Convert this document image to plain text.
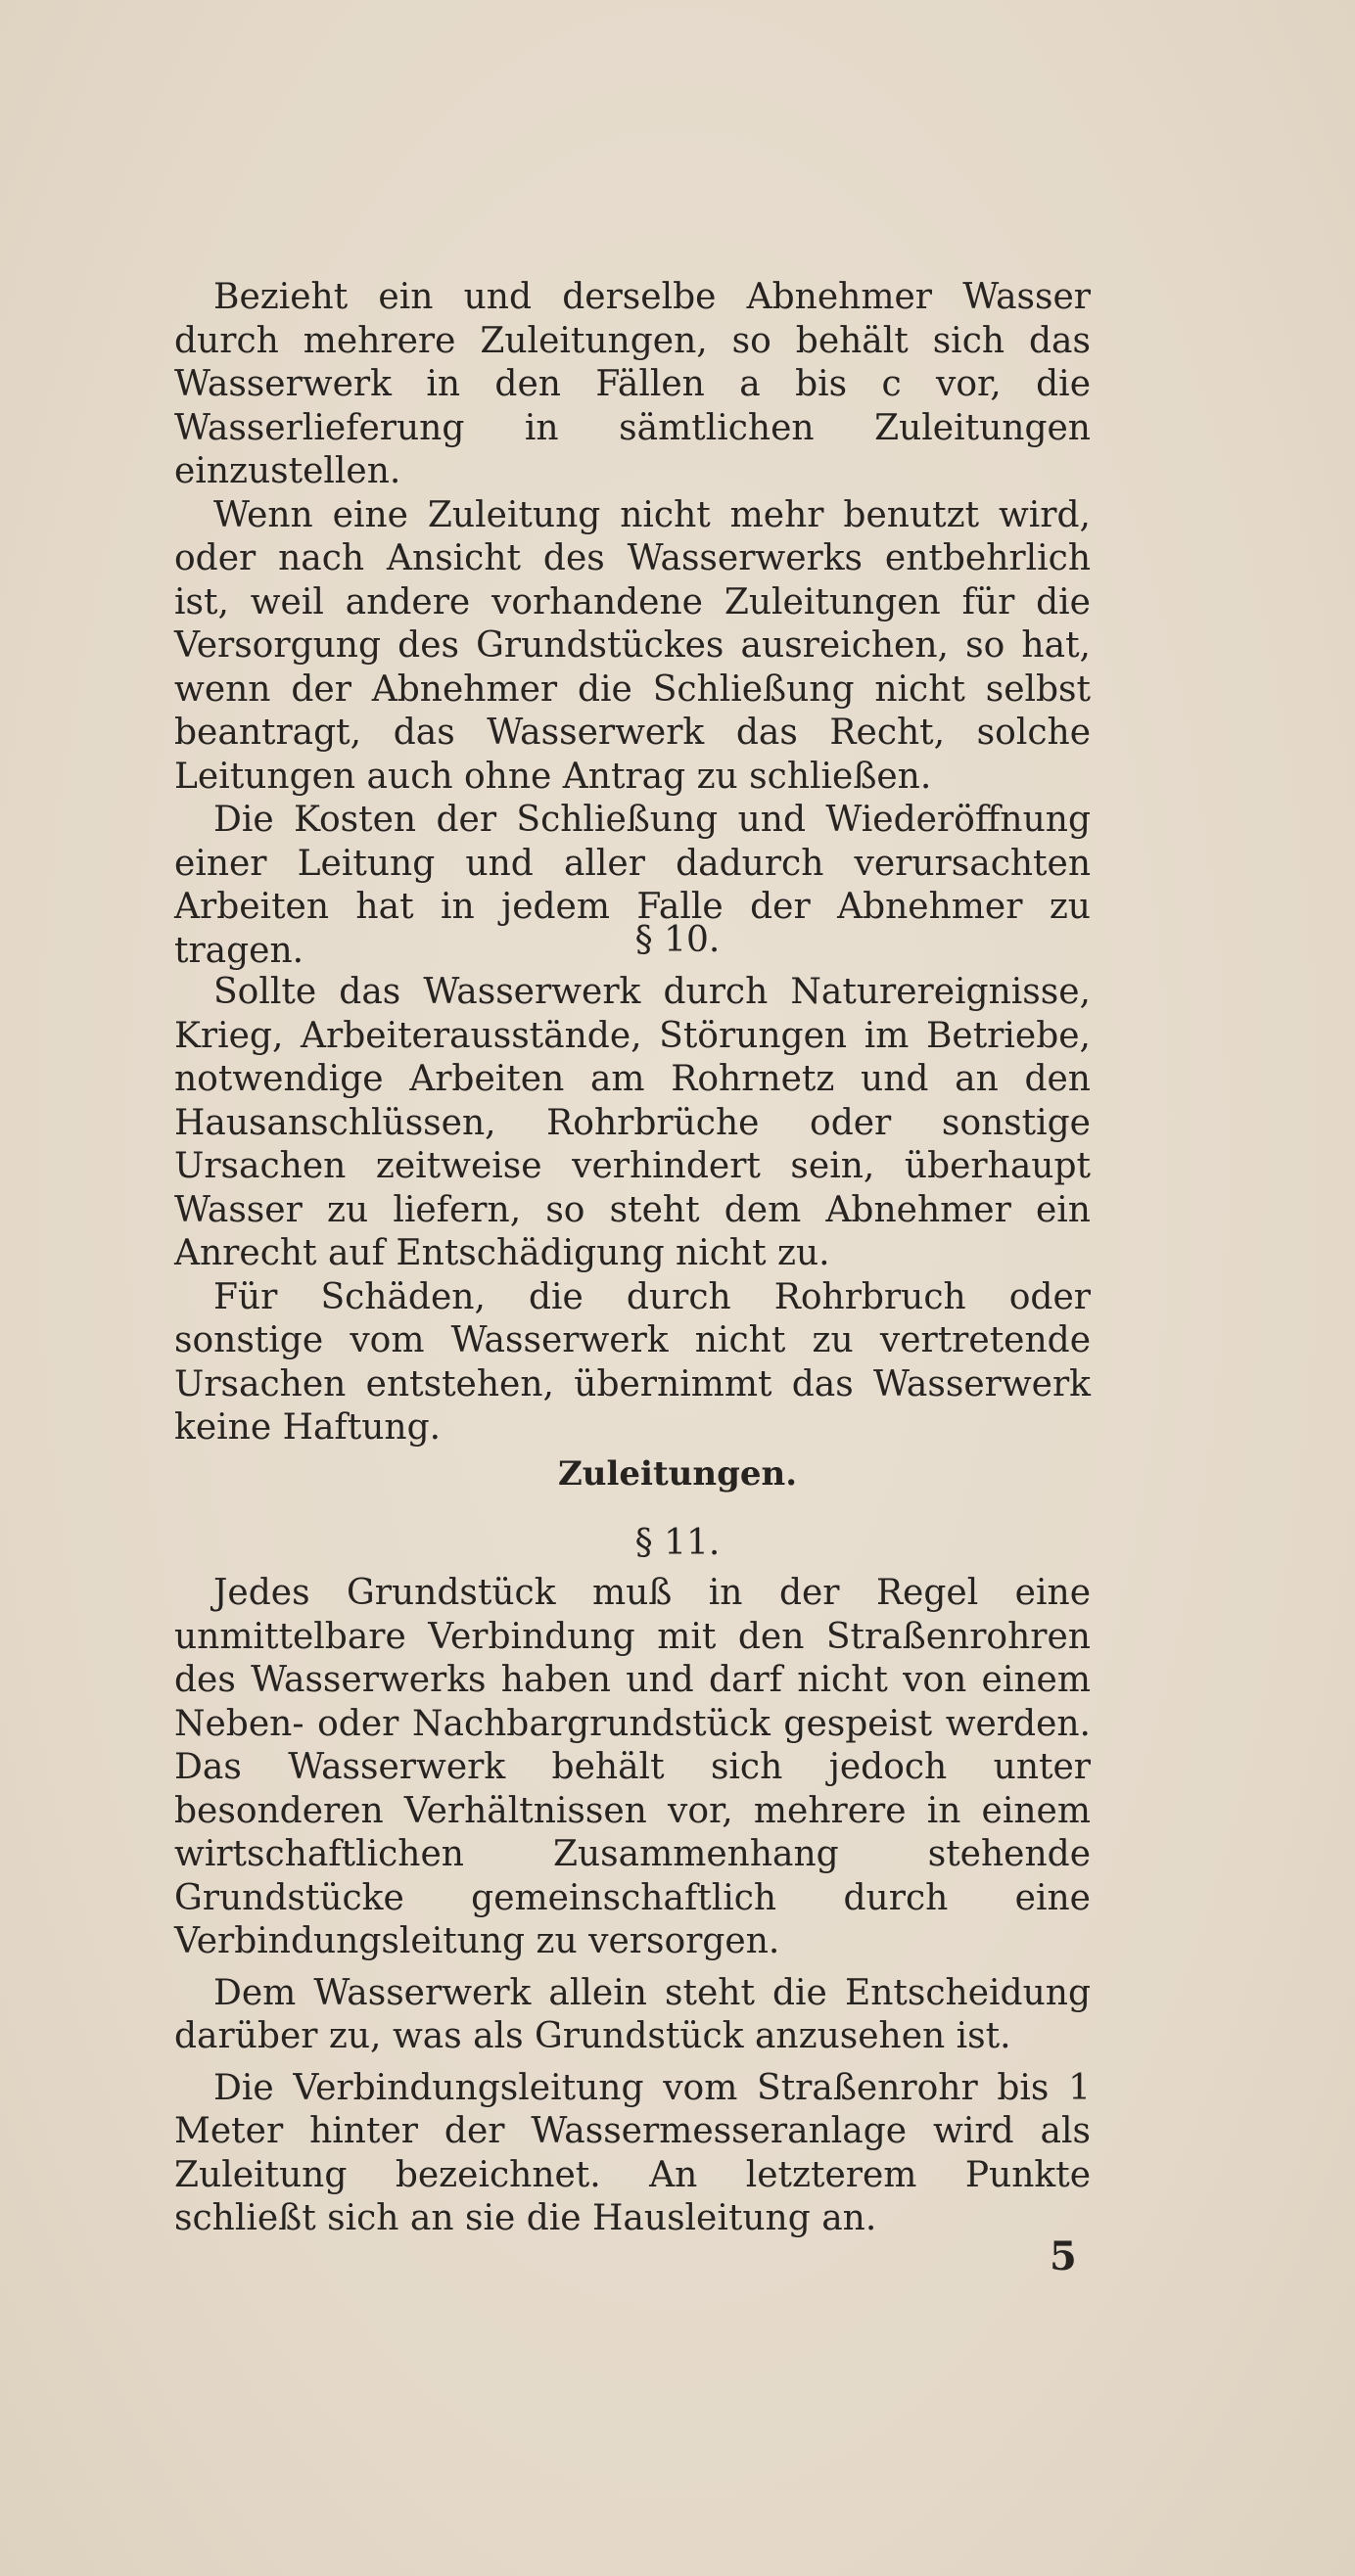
Bezieht ein und derselbe Abnehmer Wasser durch mehrere Zuleitungen, so behält sich das Wasserwerk in den Fällen a bis c vor, die Wasserlieferung in sämtlichen Zuleitungen einzustellen.

Wenn eine Zuleitung nicht mehr benutzt wird, oder nach Ansicht des Wasserwerks entbehrlich ist, weil andere vorhandene Zuleitungen für die Versorgung des Grundstückes ausreichen, so hat, wenn der Abnehmer die Schließung nicht selbst beantragt, das Wasserwerk das Recht, solche Leitungen auch ohne Antrag zu schließen.

Die Kosten der Schließung und Wiederöffnung einer Leitung und aller dadurch verursachten Arbeiten hat in jedem Falle der Abnehmer zu tragen.	§ 10.

Sollte das Wasserwerk durch Naturereignisse, Krieg, Arbeiterausstände, Störungen im Betriebe, notwendige Arbeiten am Rohrnetz und an den Hausanschlüssen, Rohrbrüche oder sonstige Ursachen zeitweise verhindert sein, überhaupt Wasser zu liefern, so steht dem Abnehmer ein Anrecht auf Entschädigung nicht zu.

Für Schäden, die durch Rohrbruch oder sonstige vom Wasserwerk nicht zu vertretende Ursachen entstehen, übernimmt das Wasserwerk keine Haftung.

Zuleitungen.
§ 11.

Jedes Grundstück muß in der Regel eine unmittelbare Verbindung mit den Straßenrohren des Wasserwerks haben und darf nicht von einem Neben- oder Nachbargrundstück gespeist werden. Das Wasserwerk behält sich jedoch unter besonderen Verhältnissen vor, mehrere in einem wirtschaftlichen Zusammenhang stehende Grundstücke gemeinschaftlich durch eine Verbindungsleitung zu versorgen.

Dem Wasserwerk allein steht die Entscheidung darüber zu, was als Grundstück anzusehen ist.

Die Verbindungsleitung vom Straßenrohr bis 1 Meter hinter der Wassermesseranlage wird als Zuleitung bezeichnet. An letzterem Punkte schließt sich an sie die Hausleitung an.

5
